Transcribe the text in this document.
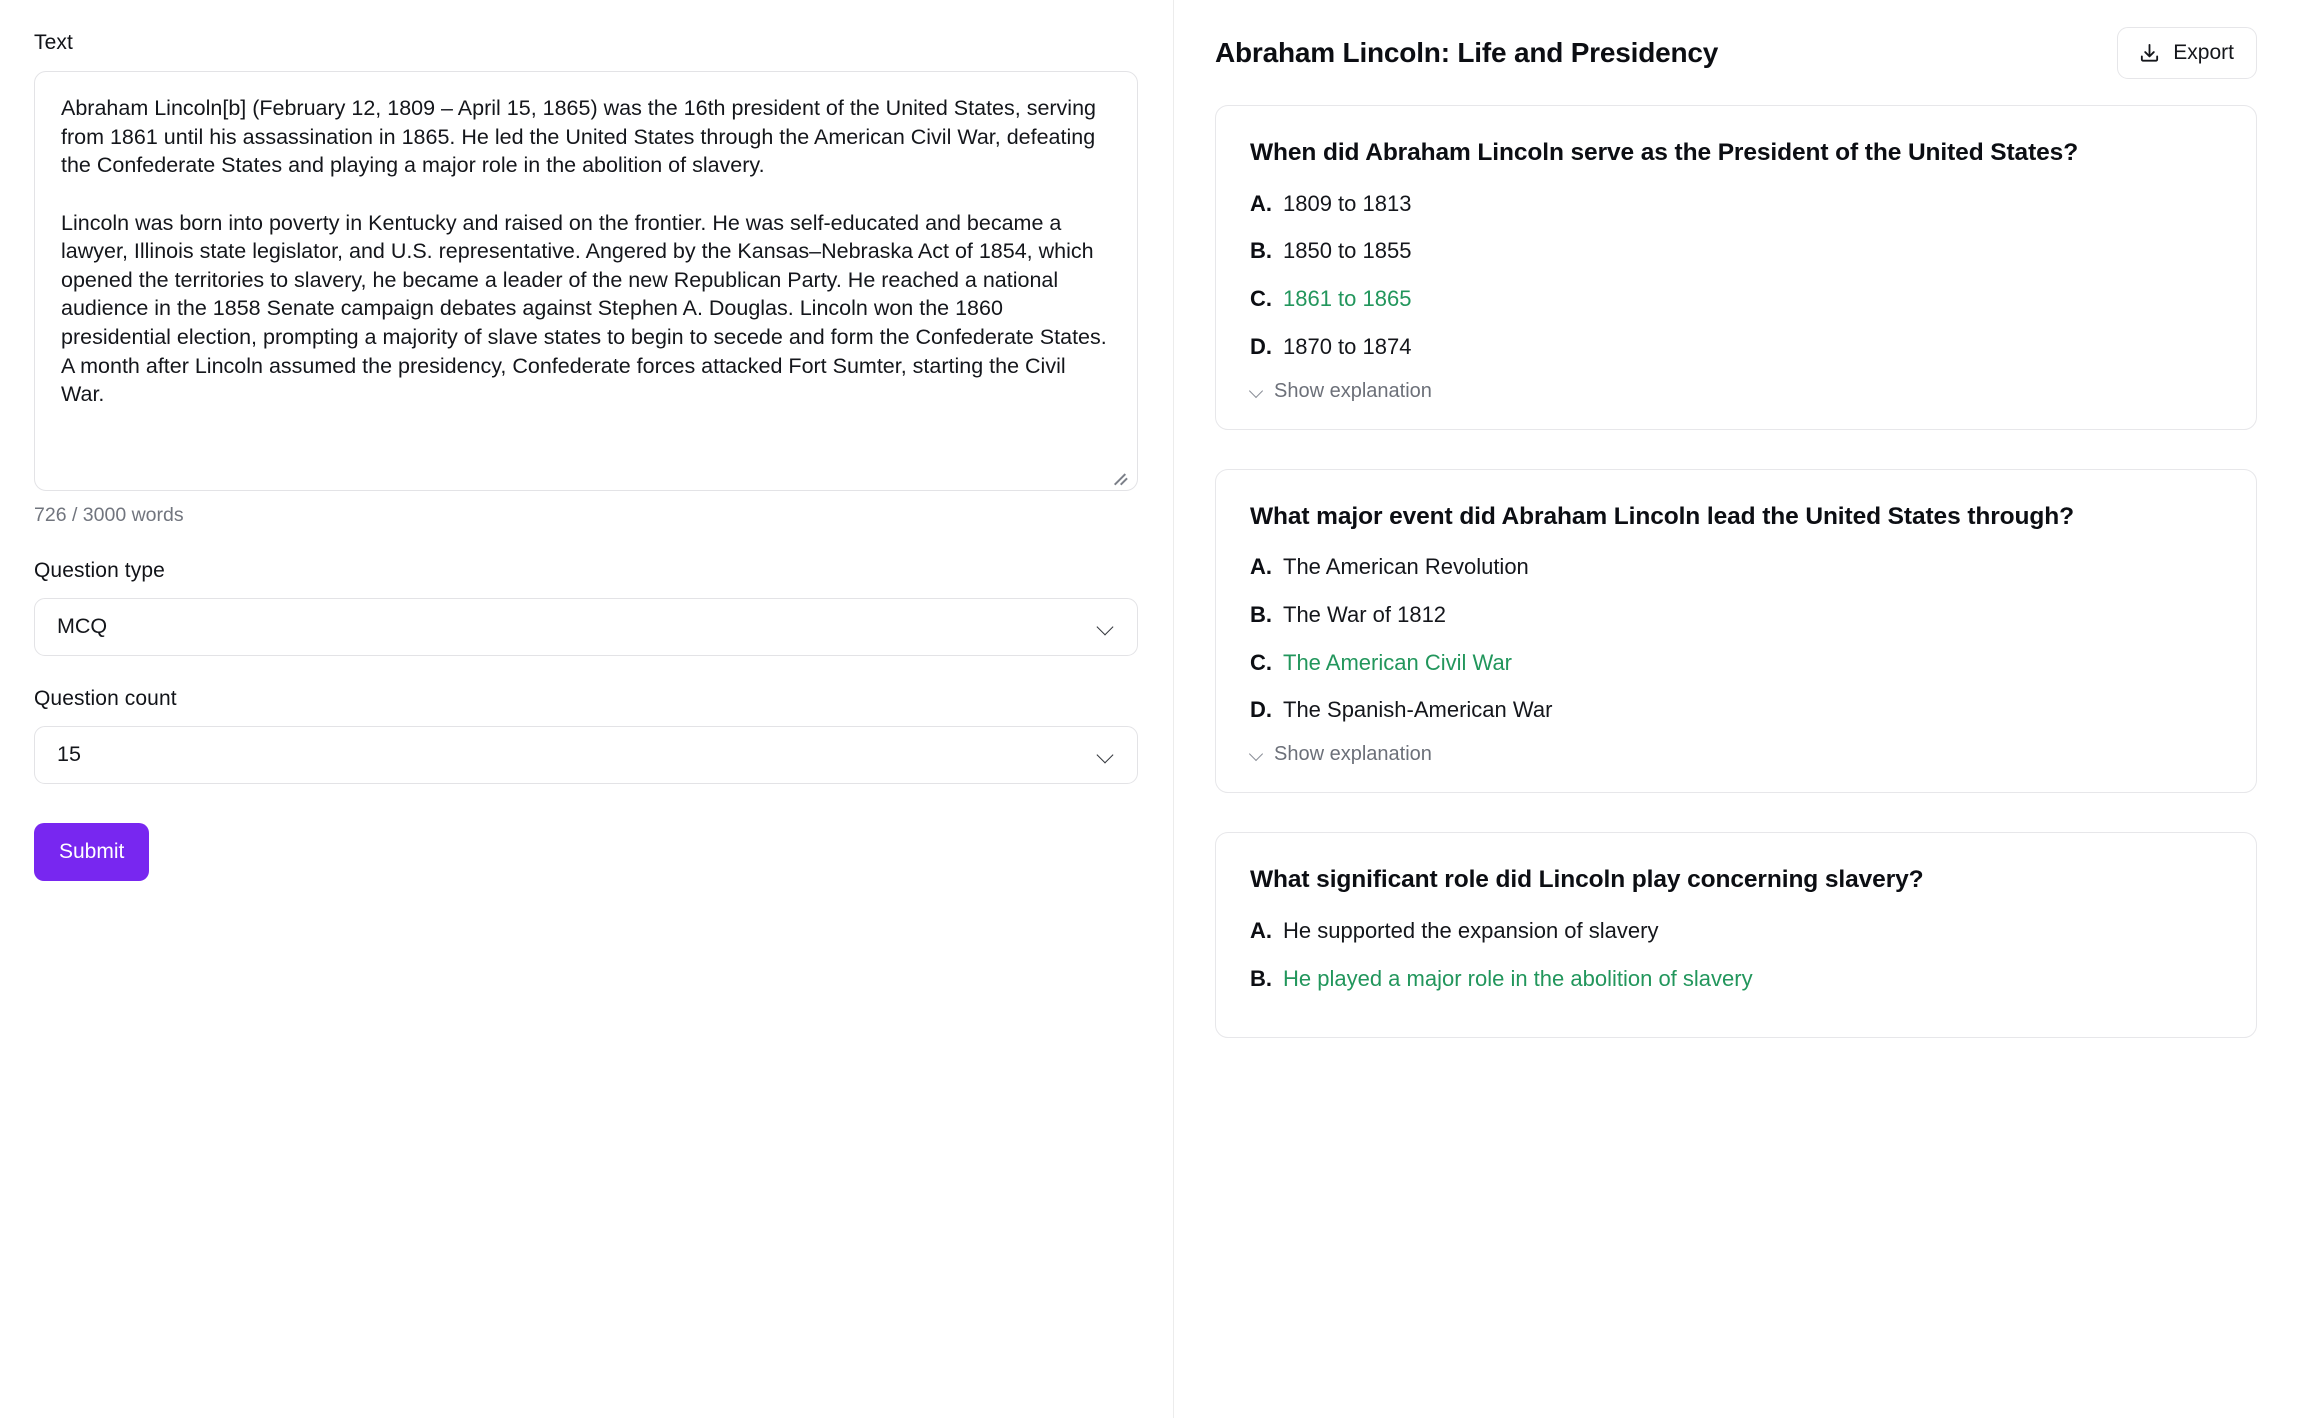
Text
Abraham Lincoln[b] (February 12, 1809 – April 15, 1865) was the 16th president of the United States, serving from 1861 until his assassination in 1865. He led the United States through the American Civil War, defeating the Confederate States and playing a major role in the abolition of slavery. Lincoln was born into poverty in Kentucky and raised on the frontier. He was self-educated and became a lawyer, Illinois state legislator, and U.S. representative. Angered by the Kansas–Nebraska Act of 1854, which opened the territories to slavery, he became a leader of the new Republican Party. He reached a national audience in the 1858 Senate campaign debates against Stephen A. Douglas. Lincoln won the 1860 presidential election, prompting a majority of slave states to begin to secede and form the Confederate States. A month after Lincoln assumed the presidency, Confederate forces attacked Fort Sumter, starting the Civil War.
726 / 3000 words
Question type
MCQ
Question count
15
Submit
Abraham Lincoln: Life and Presidency	Export
When did Abraham Lincoln serve as the President of the United States?
A. 1809 to 1813
B. 1850 to 1855
C. 1861 to 1865
D. 1870 to 1874
Show explanation
What major event did Abraham Lincoln lead the United States through?
A. The American Revolution
B. The War of 1812
C. The American Civil War
D. The Spanish-American War
Show explanation
What significant role did Lincoln play concerning slavery?
A. He supported the expansion of slavery
B. He played a major role in the abolition of slavery
